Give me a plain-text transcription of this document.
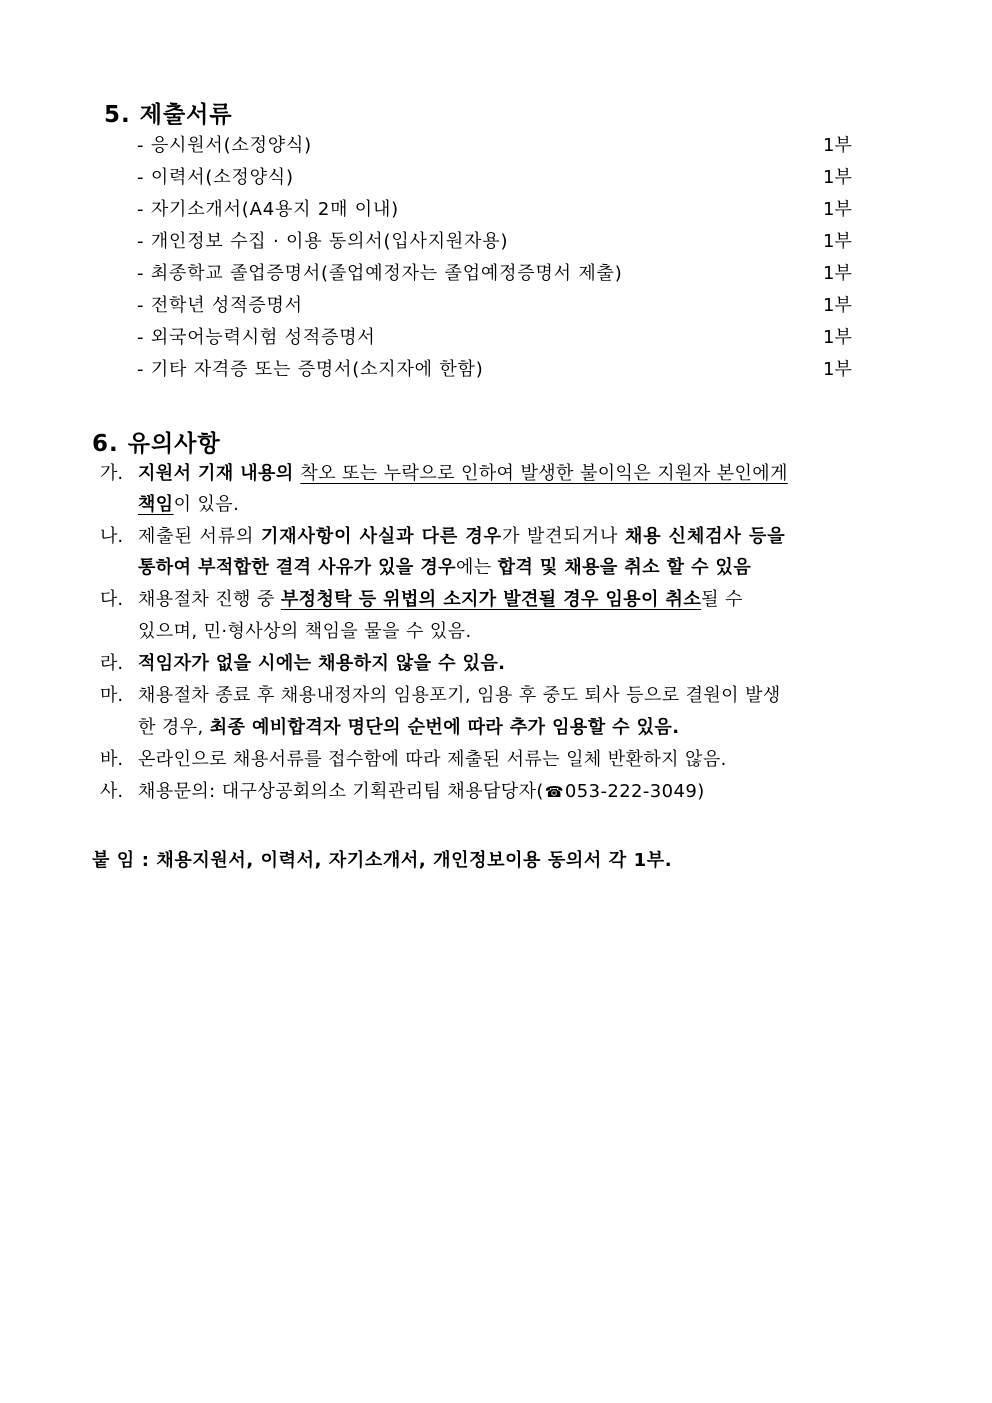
5. 제출서류
- 응시원서(소정양식)	1부
- 이력서(소정양식)	1부
- 자기소개서(A4용지 2매 이내)	1부
- 개인정보 수집 · 이용 동의서(입사지원자용)	1부
- 최종학교 졸업증명서(졸업예정자는 졸업예정증명서 제출)	1부
- 전학년 성적증명서	1부
- 외국어능력시험 성적증명서	1부
- 기타 자격증 또는 증명서(소지자에 한함)	1부
6. 유의사항
가. 지원서 기재 내용의 착오 또는 누락으로 인하여 발생한 불이익은 지원자 본인에게
책임이 있음.
나. 제출된 서류의 기재사항이 사실과 다른 경우가 발견되거나 채용 신체검사 등을
통하여 부적합한 결격 사유가 있을 경우에는 합격 및 채용을 취소 할 수 있음
다. 채용절차 진행 중 부정청탁 등 위법의 소지가 발견될 경우 임용이 취소될 수
있으며, 민·형사상의 책임을 물을 수 있음.
라. 적임자가 없을 시에는 채용하지 않을 수 있음.
마. 채용절차 종료 후 채용내정자의 임용포기, 임용 후 중도 퇴사 등으로 결원이 발생
한 경우, 최종 예비합격자 명단의 순번에 따라 추가 임용할 수 있음.
바. 온라인으로 채용서류를 접수함에 따라 제출된 서류는 일체 반환하지 않음.
사. 채용문의: 대구상공회의소 기획관리팀 채용담당자(☎053-222-3049)
붙 임 : 채용지원서, 이력서, 자기소개서, 개인정보이용 동의서 각 1부.
